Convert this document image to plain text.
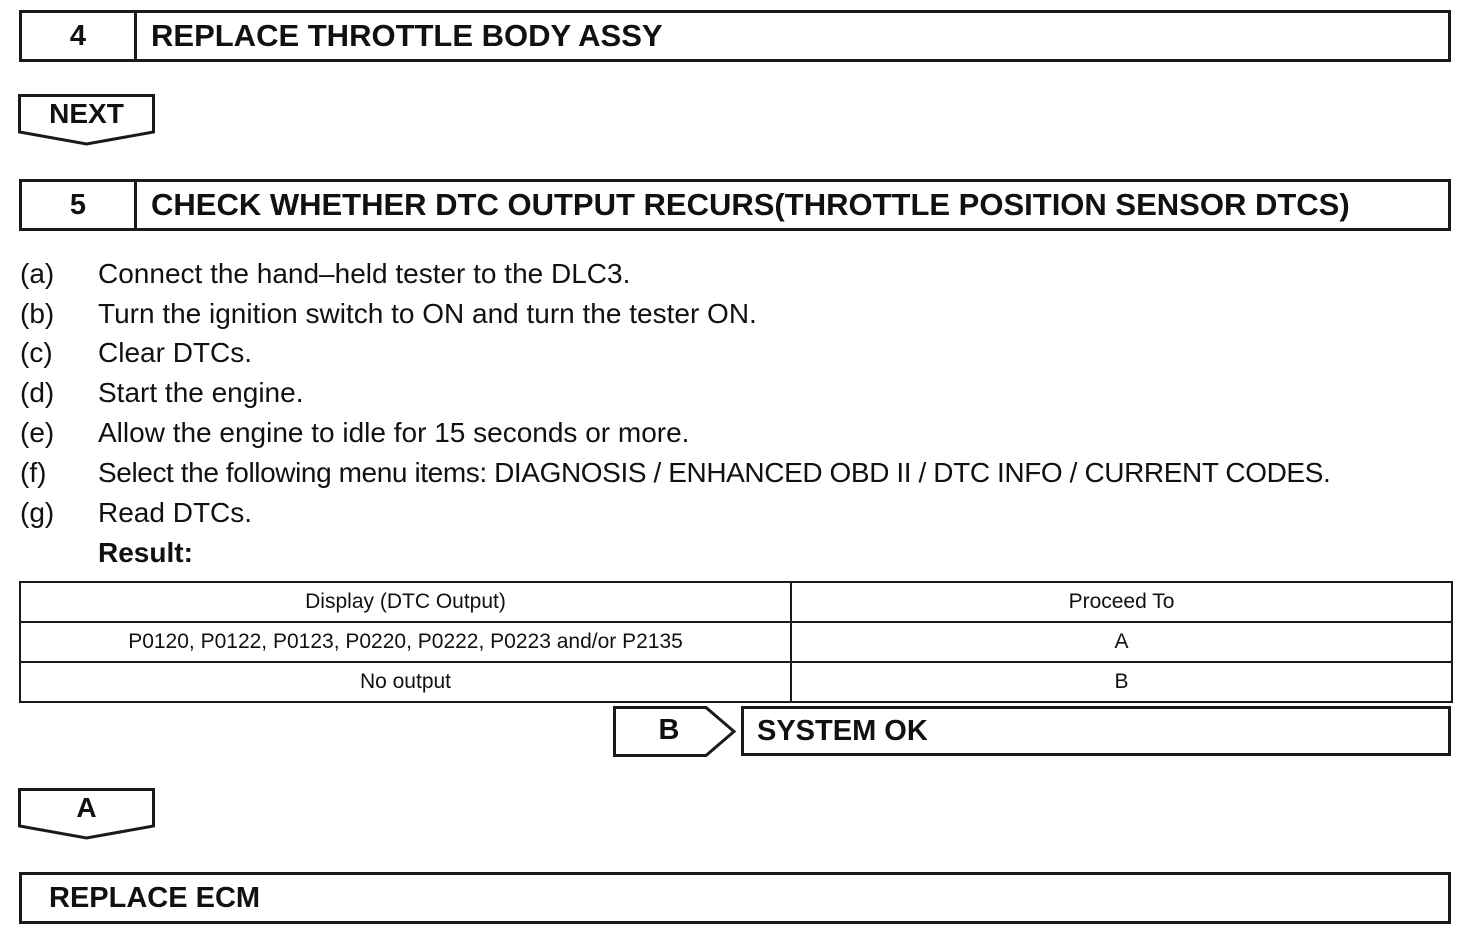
4	REPLACE THROTTLE BODY ASSY
NEXT
5	CHECK WHETHER DTC OUTPUT RECURS(THROTTLE POSITION SENSOR DTCS)
(a)	Connect the hand–held tester to the DLC3.
(b)	Turn the ignition switch to ON and turn the tester ON.
(c)	Clear DTCs.
(d)	Start the engine.
(e)	Allow the engine to idle for 15 seconds or more.
(f)	Select the following menu items: DIAGNOSIS / ENHANCED OBD II / DTC INFO / CURRENT CODES.
(g)	Read DTCs.
Result:
Display (DTC Output)	Proceed To
P0120, P0122, P0123, P0220, P0222, P0223 and/or P2135	A
No output	B
B	SYSTEM OK
A
REPLACE ECM
